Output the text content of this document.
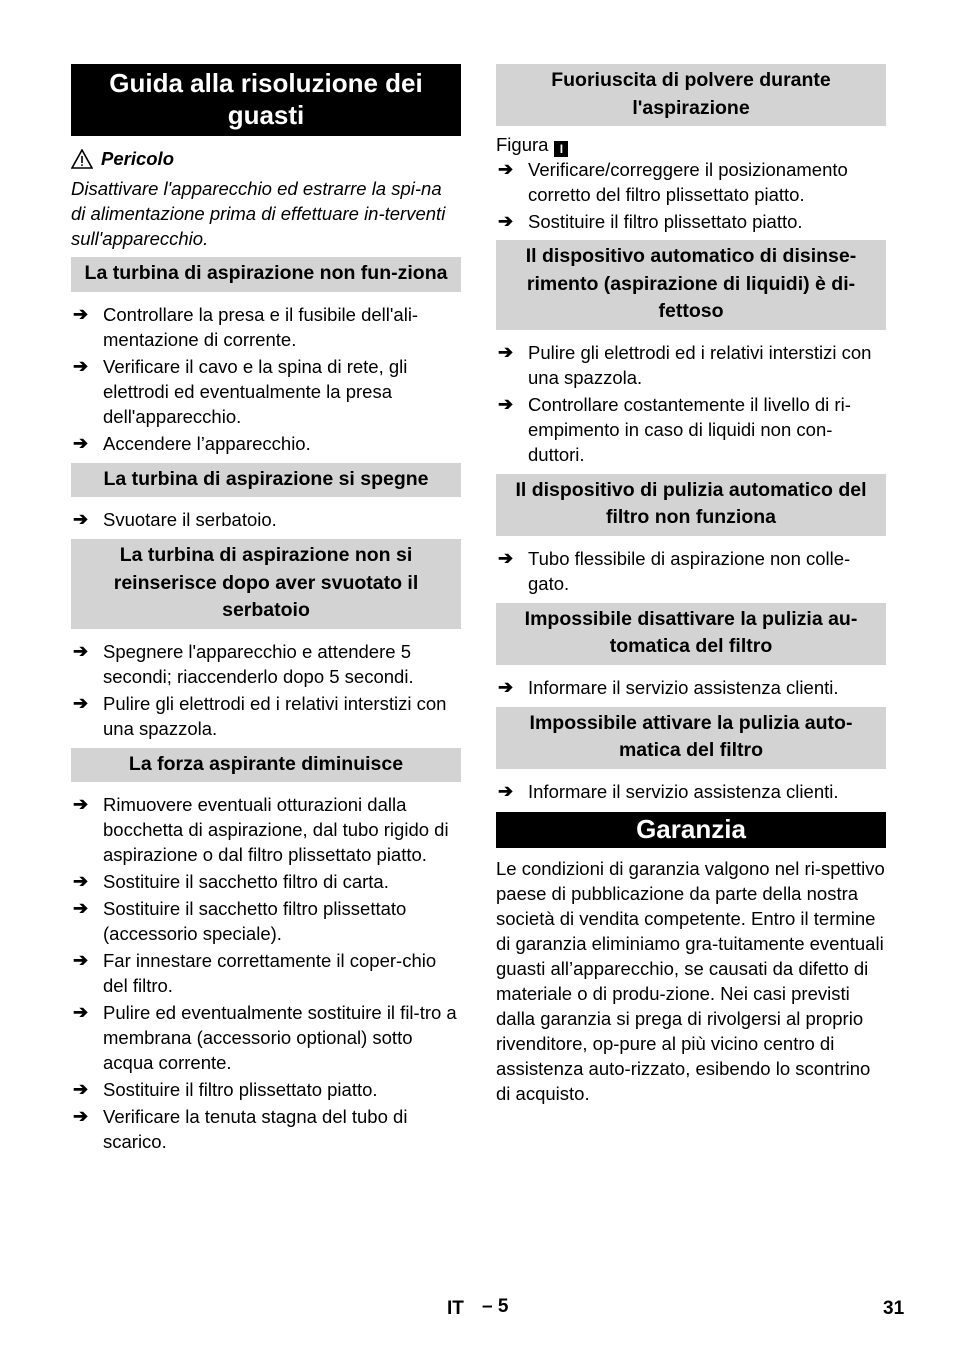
Guida alla risoluzione dei guasti
Pericolo
Disattivare l'apparecchio ed estrarre la spi-na di alimentazione prima di effettuare in-terventi sull'apparecchio.
La turbina di aspirazione non fun-ziona
➔ Controllare la presa e il fusibile dell'ali-mentazione di corrente.
➔ Verificare il cavo e la spina di rete, gli elettrodi ed eventualmente la presa dell'apparecchio.
➔ Accendere l’apparecchio.
La turbina di aspirazione si spegne
➔ Svuotare il serbatoio.
La turbina di aspirazione non si reinserisce dopo aver svuotato il serbatoio
➔ Spegnere l'apparecchio e attendere 5 secondi; riaccenderlo dopo 5 secondi.
➔ Pulire gli elettrodi ed i relativi interstizi con una spazzola.
La forza aspirante diminuisce
➔ Rimuovere eventuali otturazioni dalla bocchetta di aspirazione, dal tubo rigido di aspirazione o dal filtro plissettato piatto.
➔ Sostituire il sacchetto filtro di carta.
➔ Sostituire il sacchetto filtro plissettato (accessorio speciale).
➔ Far innestare correttamente il coper-chio del filtro.
➔ Pulire ed eventualmente sostituire il fil-tro a membrana (accessorio optional) sotto acqua corrente.
➔ Sostituire il filtro plissettato piatto.
➔ Verificare la tenuta stagna del tubo di scarico.
Fuoriuscita di polvere durante l'aspirazione
Figura I
➔ Verificare/correggere il posizionamento corretto del filtro plissettato piatto.
➔ Sostituire il filtro plissettato piatto.
Il dispositivo automatico di disinse-rimento (aspirazione di liquidi) è di-fettoso
➔ Pulire gli elettrodi ed i relativi interstizi con una spazzola.
➔ Controllare costantemente il livello di ri-empimento in caso di liquidi non con-duttori.
Il dispositivo di pulizia automatico del filtro non funziona
➔ Tubo flessibile di aspirazione non colle-gato.
Impossibile disattivare la pulizia au-tomatica del filtro
➔ Informare il servizio assistenza clienti.
Impossibile attivare la pulizia auto-matica del filtro
➔ Informare il servizio assistenza clienti.
Garanzia
Le condizioni di garanzia valgono nel ri-spettivo paese di pubblicazione da parte della nostra società di vendita competente. Entro il termine di garanzia eliminiamo gra-tuitamente eventuali guasti all’apparecchio, se causati da difetto di materiale o di produ-zione. Nei casi previsti dalla garanzia si prega di rivolgersi al proprio rivenditore, op-pure al più vicino centro di assistenza auto-rizzato, esibendo lo scontrino di acquisto.
IT – 5	31
